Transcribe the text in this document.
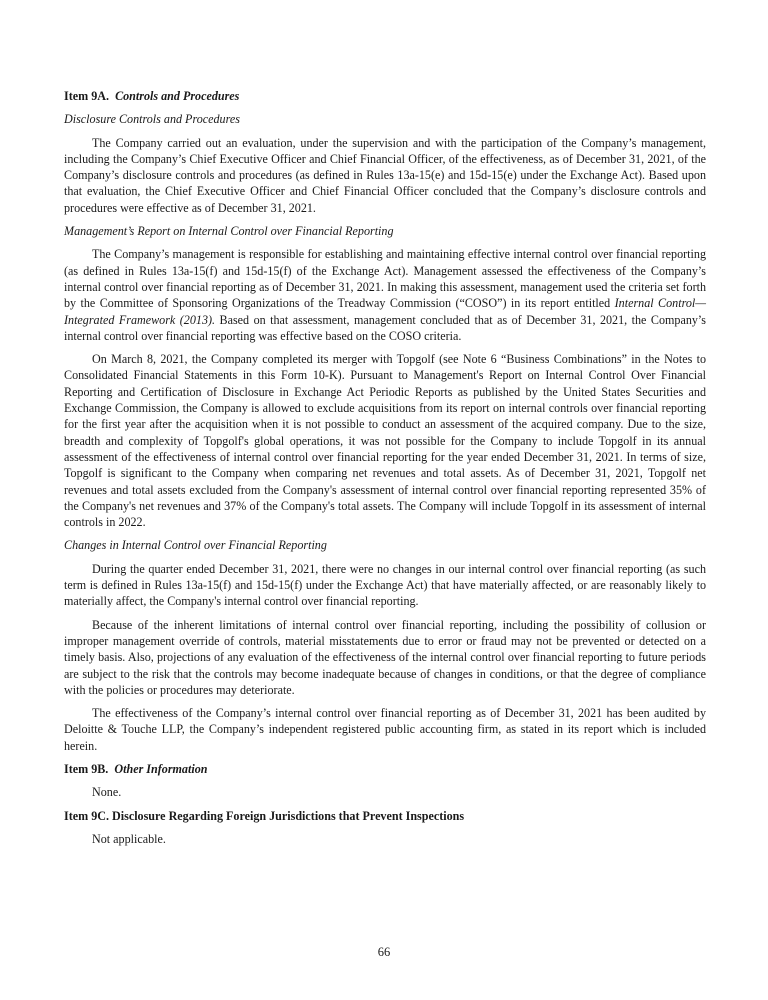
Item 9A. Controls and Procedures
Disclosure Controls and Procedures

The Company carried out an evaluation, under the supervision and with the participation of the Company’s management, including the Company’s Chief Executive Officer and Chief Financial Officer, of the effectiveness, as of December 31, 2021, of the Company’s disclosure controls and procedures (as defined in Rules 13a-15(e) and 15d-15(e) under the Exchange Act). Based upon that evaluation, the Chief Executive Officer and Chief Financial Officer concluded that the Company’s disclosure controls and procedures were effective as of December 31, 2021.

Management’s Report on Internal Control over Financial Reporting

The Company’s management is responsible for establishing and maintaining effective internal control over financial reporting (as defined in Rules 13a-15(f) and 15d-15(f) of the Exchange Act). Management assessed the effectiveness of the Company’s internal control over financial reporting as of December 31, 2021. In making this assessment, management used the criteria set forth by the Committee of Sponsoring Organizations of the Treadway Commission (“COSO”) in its report entitled Internal Control—Integrated Framework (2013). Based on that assessment, management concluded that as of December 31, 2021, the Company’s internal control over financial reporting was effective based on the COSO criteria.

On March 8, 2021, the Company completed its merger with Topgolf (see Note 6 “Business Combinations” in the Notes to Consolidated Financial Statements in this Form 10-K). Pursuant to Management's Report on Internal Control Over Financial Reporting and Certification of Disclosure in Exchange Act Periodic Reports as published by the United States Securities and Exchange Commission, the Company is allowed to exclude acquisitions from its report on internal controls over financial reporting for the first year after the acquisition when it is not possible to conduct an assessment of the acquired company. Due to the size, breadth and complexity of Topgolf's global operations, it was not possible for the Company to include Topgolf in its annual assessment of the effectiveness of internal control over financial reporting for the year ended December 31, 2021. In terms of size, Topgolf is significant to the Company when comparing net revenues and total assets. As of December 31, 2021, Topgolf net revenues and total assets excluded from the Company's assessment of internal control over financial reporting represented 35% of the Company's net revenues and 37% of the Company's total assets. The Company will include Topgolf in its assessment of internal controls in 2022.

Changes in Internal Control over Financial Reporting

During the quarter ended December 31, 2021, there were no changes in our internal control over financial reporting (as such term is defined in Rules 13a-15(f) and 15d-15(f) under the Exchange Act) that have materially affected, or are reasonably likely to materially affect, the Company's internal control over financial reporting.

Because of the inherent limitations of internal control over financial reporting, including the possibility of collusion or improper management override of controls, material misstatements due to error or fraud may not be prevented or detected on a timely basis. Also, projections of any evaluation of the effectiveness of the internal control over financial reporting to future periods are subject to the risk that the controls may become inadequate because of changes in conditions, or that the degree of compliance with the policies or procedures may deteriorate.

The effectiveness of the Company’s internal control over financial reporting as of December 31, 2021 has been audited by Deloitte & Touche LLP, the Company’s independent registered public accounting firm, as stated in its report which is included herein.

Item 9B. Other Information

None.

Item 9C. Disclosure Regarding Foreign Jurisdictions that Prevent Inspections

Not applicable.

66
